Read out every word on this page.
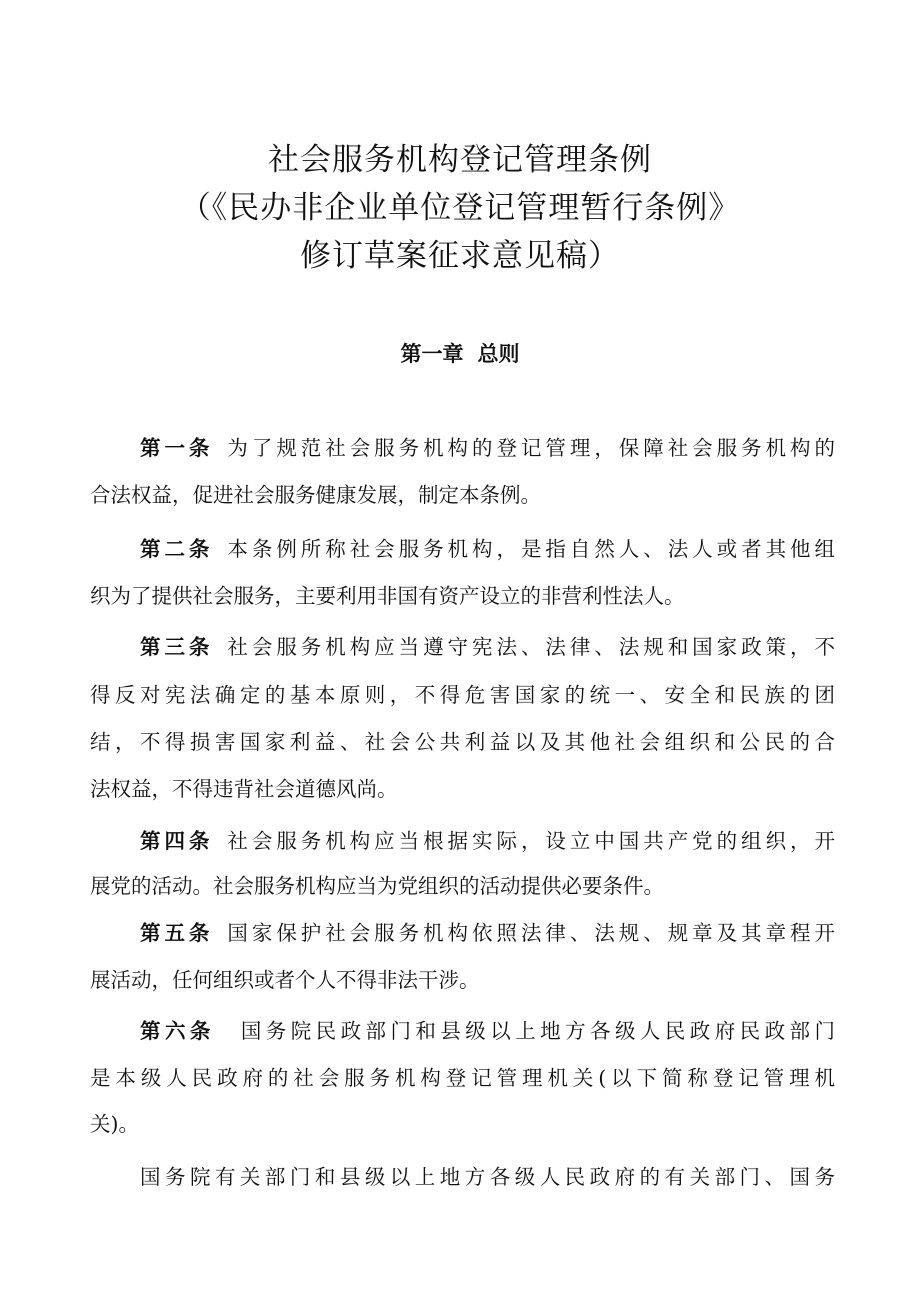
社会服务机构登记管理条例
（《民办非企业单位登记管理暂行条例》
修订草案征求意见稿）
第一章 总则
第一条 为了规范社会服务机构的登记管理，保障社会服务机构的
合法权益，促进社会服务健康发展，制定本条例。
第二条 本条例所称社会服务机构，是指自然人、法人或者其他组
织为了提供社会服务，主要利用非国有资产设立的非营利性法人。
第三条 社会服务机构应当遵守宪法、法律、法规和国家政策，不
得反对宪法确定的基本原则，不得危害国家的统一、安全和民族的团
结，不得损害国家利益、社会公共利益以及其他社会组织和公民的合
法权益，不得违背社会道德风尚。
第四条 社会服务机构应当根据实际，设立中国共产党的组织，开
展党的活动。社会服务机构应当为党组织的活动提供必要条件。
第五条 国家保护社会服务机构依照法律、法规、规章及其章程开
展活动，任何组织或者个人不得非法干涉。
第六条 国务院民政部门和县级以上地方各级人民政府民政部门
是本级人民政府的社会服务机构登记管理机关(以下简称登记管理机
关)。
国务院有关部门和县级以上地方各级人民政府的有关部门、国务
